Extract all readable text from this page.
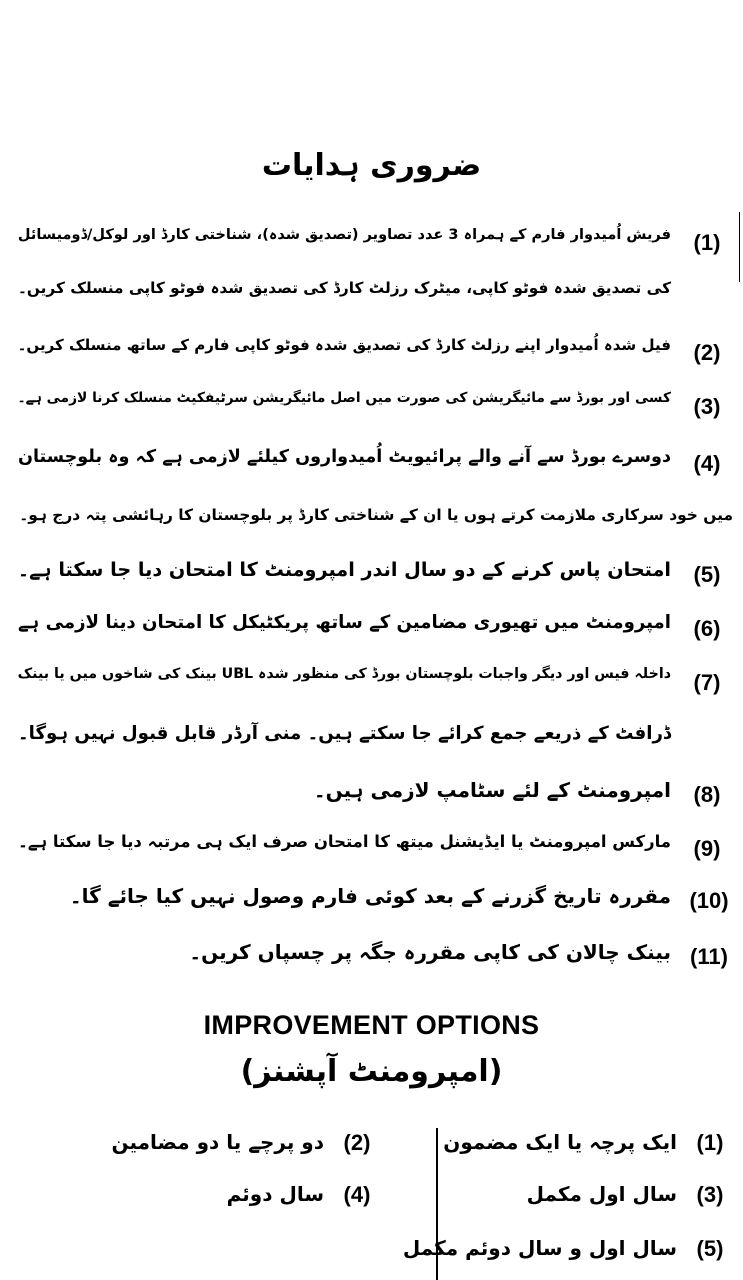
ضروری ہدایات
(1)
فریش اُمیدوار فارم کے ہمراہ 3 عدد تصاویر (تصدیق شدہ)، شناختی کارڈ اور لوکل/ڈومیسائل
کی تصدیق شدہ فوٹو کاپی، میٹرک رزلٹ کارڈ کی تصدیق شدہ فوٹو کاپی منسلک کریں۔
(2)
فیل شدہ اُمیدوار اپنے رزلٹ کارڈ کی تصدیق شدہ فوٹو کاپی فارم کے ساتھ منسلک کریں۔
(3)
کسی اور بورڈ سے مائیگریشن کی صورت میں اصل مائیگریشن سرٹیفکیٹ منسلک کرنا لازمی ہے۔
(4)
دوسرے بورڈ سے آنے والے پرائیویٹ اُمیدواروں کیلئے لازمی ہے کہ وہ بلوچستان
میں خود سرکاری ملازمت کرتے ہوں یا ان کے شناختی کارڈ پر بلوچستان کا رہائشی پتہ درج ہو۔
(5)
امتحان پاس کرنے کے دو سال اندر امپرومنٹ کا امتحان دیا جا سکتا ہے۔
(6)
امپرومنٹ میں تھیوری مضامین کے ساتھ پریکٹیکل کا امتحان دینا لازمی ہے
(7)
داخلہ فیس اور دیگر واجبات بلوچستان بورڈ کی منظور شدہ UBL بینک کی شاخوں میں یا بینک
ڈرافٹ کے ذریعے جمع کرائے جا سکتے ہیں۔ منی آرڈر قابل قبول نہیں ہوگا۔
(8)
امپرومنٹ کے لئے سٹامپ لازمی ہیں۔
(9)
مارکس امپرومنٹ یا ایڈیشنل میتھ کا امتحان صرف ایک ہی مرتبہ دیا جا سکتا ہے۔
(10)
مقررہ تاریخ گزرنے کے بعد کوئی فارم وصول نہیں کیا جائے گا۔
(11)
بینک چالان کی کاپی مقررہ جگہ پر چسپاں کریں۔
IMPROVEMENT OPTIONS
(امپرومنٹ آپشنز)
(1)
ایک پرچہ یا ایک مضمون
(3)
سال اول مکمل
(5)
سال اول و سال دوئم مکمل
(2)
دو پرچے یا دو مضامین
(4)
سال دوئم
